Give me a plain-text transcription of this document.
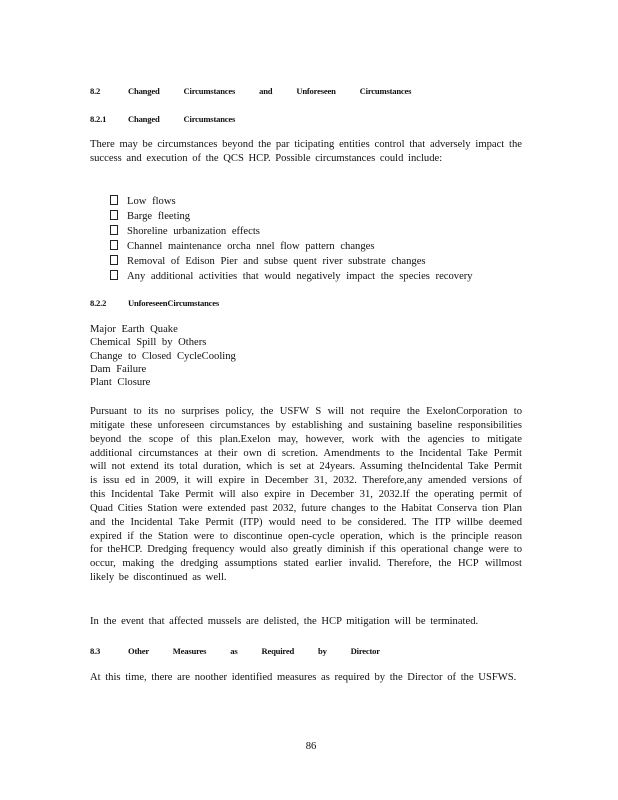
8.2	Changed Circumstances and Unforeseen Circumstances
8.2.1	Changed Circumstances
There may be circumstances beyond the par ticipating entities control that adversely impact the success and execution of the QCS HCP. Possible circumstances could include:
Low flows
Barge fleeting
Shoreline urbanization effects
Channel maintenance orcha nnel flow pattern changes
Removal of Edison Pier and subse quent river substrate changes
Any additional activities that would negatively impact the species recovery
8.2.2	UnforeseenCircumstances
Major Earth Quake
Chemical Spill by Others
Change to Closed CycleCooling
Dam Failure
Plant Closure
Pursuant to its no surprises policy, the USFW S will not require the ExelonCorporation to mitigate these unforeseen circumstances by establishing and sustaining baseline responsibilities beyond the scope of this plan.Exelon may, however, work with the agencies to mitigate additional circumstances at their own di scretion. Amendments to the Incidental Take Permit will not extend its total duration, which is set at 24years. Assuming theIncidental Take Permit is issu ed in 2009, it will expire in December 31, 2032. Therefore,any amended versions of this Incidental Take Permit will also expire in December 31, 2032.If the operating permit of Quad Cities Station were extended past 2032, future changes to the Habitat Conserva tion Plan and the Incidental Take Permit (ITP) would need to be considered. The ITP willbe deemed expired if the Station were to discontinue open-cycle operation, which is the principle reason for theHCP. Dredging frequency would also greatly diminish if this operational change were to occur, making the dredging assumptions stated earlier invalid. Therefore, the HCP willmost likely be discontinued as well.
In the event that affected mussels are delisted, the HCP mitigation will be terminated.
8.3	Other Measures as Required by Director
At this time, there are noother identified measures as required by the Director of the USFWS.
86
